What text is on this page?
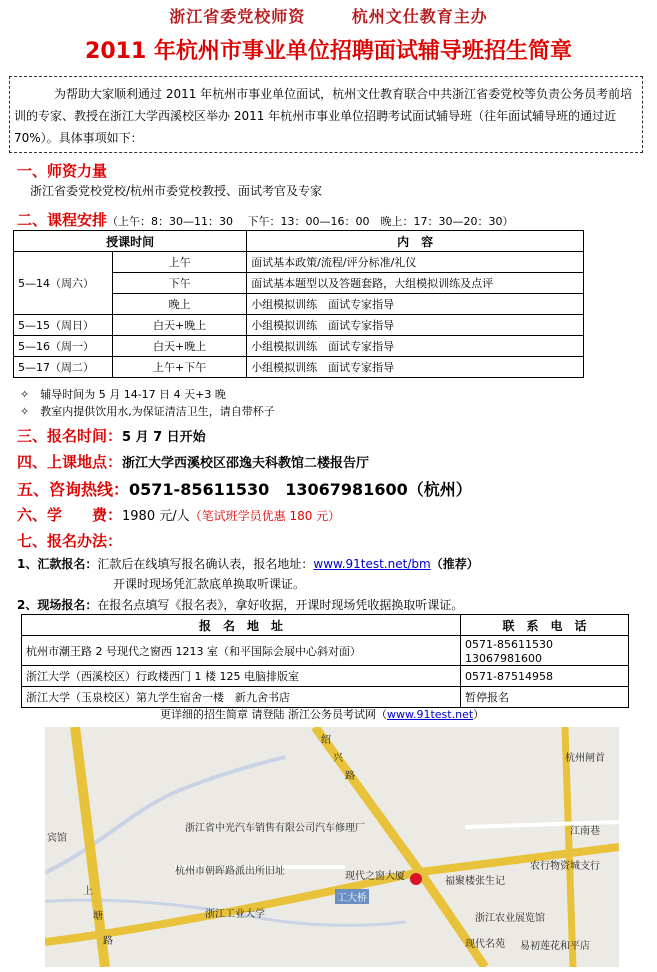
浙江省委党校师资	杭州文仕教育主办
2011 年杭州市事业单位招聘面试辅导班招生简章
为帮助大家顺利通过 2011 年杭州市事业单位面试，杭州文仕教育联合中共浙江省委党校等负责公务员考前培训的专家、教授在浙江大学西溪校区举办 2011 年杭州市事业单位招聘考试面试辅导班（往年面试辅导班的通过近 70%）。具体事项如下：
一、师资力量
浙江省委党校党校/杭州市委党校教授、面试考官及专家
二、课程安排（上午：8：30—11：30　 下午：13：00—16：00　晚上：17：30—20：30）
授课时间		内　容
5—14（周六）	上午	面试基本政策/流程/评分标准/礼仪
	下午	面试基本题型以及答题套路，大组模拟训练及点评
	晚上	小组模拟训练　面试专家指导
5—15（周日）	白天+晚上	小组模拟训练　面试专家指导
5—16（周一）	白天+晚上	小组模拟训练　面试专家指导
5—17（周二）	上午+下午	小组模拟训练　面试专家指导
✧　辅导时间为 5 月 14-17 日 4 天+3 晚
✧　教室内提供饮用水,为保证清洁卫生，请自带杯子
三、报名时间：5 月 7 日开始
四、上课地点：浙江大学西溪校区邵逸夫科教馆二楼报告厅
五、咨询热线：0571-85611530　13067981600（杭州）
六、学　　费：1980 元/人（笔试班学员优惠 180 元）
七、报名办法：
1、汇款报名：汇款后在线填写报名确认表，报名地址：www.91test.net/bm（推荐）
开课时现场凭汇款底单换取听课证。
2、现场报名：在报名点填写《报名表》，拿好收据，开课时现场凭收据换取听课证。
报　名　地　址	联　系　电　话
杭州市潮王路 2 号现代之窗西 1213 室（和平国际会展中心斜对面）	0571-85611530　13067981600
浙江大学（西溪校区）行政楼西门 1 楼 125 电脑排版室	0571-87514958
浙江大学（玉泉校区）第九学生宿舍一楼　新九舍书店	暂停报名
更详细的招生简章 请登陆 浙江公务员考试网（www.91test.net）
绍
兴
路
杭州闸首
浙江省中光汽车销售有限公司汽车修理厂	江南巷
杭州市朝晖路派出所旧址	现代之窗大厦
农行物资城支行
福聚楼张生记
工大桥
浙江工业大学	浙江农业展览馆
上
塘
路	现代名苑 易初莲花和平店
宾馆
